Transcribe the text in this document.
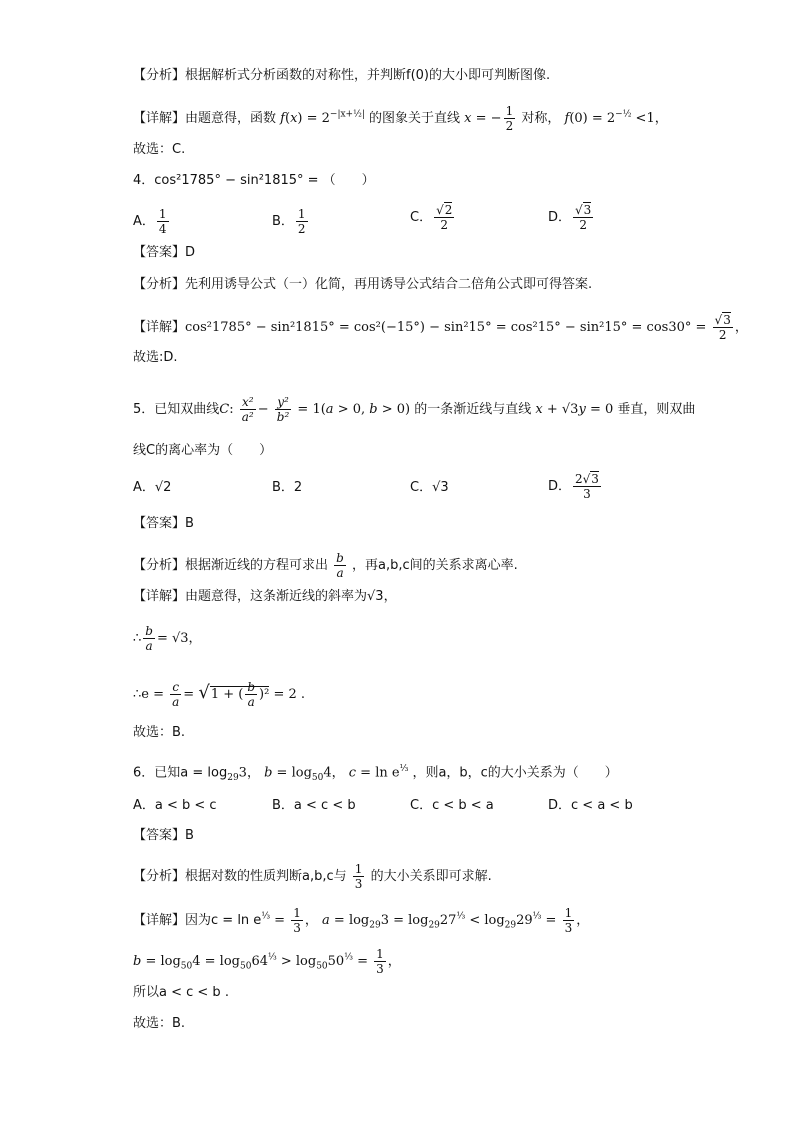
【分析】根据解析式分析函数的对称性，并判断f(0)的大小即可判断图像.
【详解】由题意得，函数 $f(x) = 2^{-|x+\frac{1}{2}|}$ 的图象关于直线 x = − $\frac{1}{2}$ 对称， $f(0) = 2^{-\frac{1}{2}} <1$，
故选：C.
4．cos²1785° − sin²1815° = （　　）
A． $\frac{1}{4}$	B． $\frac{1}{2}$	C． $\frac{√2}{2}$	D． $\frac{√3}{2}$
【答案】D
【分析】先利用诱导公式（一）化简，再用诱导公式结合二倍角公式即可得答案.
【详解】$\cos^21785^\circ - \sin^21815^\circ = \cos^2(-15^\circ) - \sin^215^\circ = \cos^215^\circ - \sin^215^\circ = \cos 30^\circ = \frac{√3}{2}$ ，
故选:D.
5．已知双曲线C: $\frac{\text{x²}}{\text{a²}} - \frac{\text{y²}}{\text{b²}} = 1(a > 0$, b > 0) 的一条渐近线与直线 x + √3y = 0 垂直，则双曲
线C的离心率为（　　）
A．√2	B．2	C．√3	D． $\frac{2√3}{3}$
【答案】B
【分析】根据渐近线的方程可求出 $\frac{b}{a}$ ，再a,b,c间的关系求离心率.
【详解】由题意得，这条渐近线的斜率为√3，
∴ $\frac{b}{a} = √3$，
∴e = $\frac{c}{a} = √1$ + ( $\frac{b}{a} )^2 = 2$ .
故选：B.
6．已知$a = \log_{29}3$， $b = \log_{50}4$， $c = \ln e^{\frac{1}{3}}$ ，则a，b，c的大小关系为（　　）
A．a < b < c	B．a < c < b	C．c < b < a	D．c < a < b
【答案】B
【分析】根据对数的性质判断a,b,c与 $\frac{1}{3}$ 的大小关系即可求解.
【详解】因为$c = \ln e^{\frac{1}{3}} = \frac{1}{3}$ ， $a = \log_{29}3 = \log_{29}27^{\frac{1}{3}} < \log_{29}29^{\frac{1}{3}} = \frac{1}{3}$ ，
$b = \log_{50}4 = \log_{50}64^{\frac{1}{3}} > \log_{50}50^{\frac{1}{3}} = \frac{1}{3}$ ，
所以a < c < b .
故选：B.
